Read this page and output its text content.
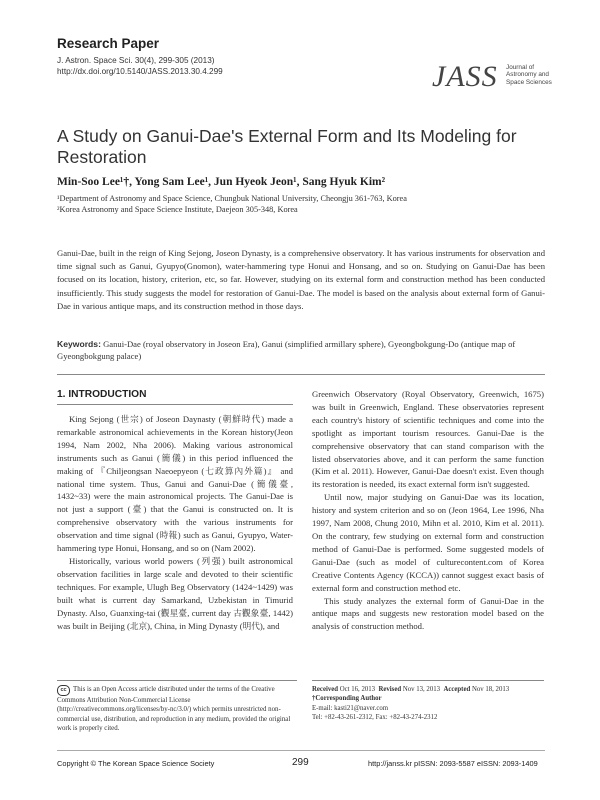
Research Paper
J. Astron. Space Sci. 30(4), 299-305 (2013)
http://dx.doi.org/10.5140/JASS.2013.30.4.299	JASS Journal of Astronomy and Space Sciences
A Study on Ganui-Dae's External Form and Its Modeling for Restoration
Min-Soo Lee¹†, Yong Sam Lee¹, Jun Hyeok Jeon¹, Sang Hyuk Kim²
¹Department of Astronomy and Space Science, Chungbuk National University, Cheongju 361-763, Korea
²Korea Astronomy and Space Science Institute, Daejeon 305-348, Korea
Ganui-Dae, built in the reign of King Sejong, Joseon Dynasty, is a comprehensive observatory. It has various instruments for observation and time signal such as Ganui, Gyupyo(Gnomon), water-hammering type Honui and Honsang, and so on. Studying on Ganui-Dae has been focused on its location, history, criterion, etc, so far. However, studying on its external form and construction method has been conducted insufficiently. This study suggests the model for restoration of Ganui-Dae. The model is based on the analysis about external form of Ganui-Dae in various antique maps, and its construction method in those days.
Keywords: Ganui-Dae (royal observatory in Joseon Era), Ganui (simplified armillary sphere), Gyeongbokgung-Do (antique map of Gyeongbokgung palace)
1. INTRODUCTION

King Sejong (世宗) of Joseon Daynasty (朝鮮時代) made a remarkable astronomical achievements in the Korean history(Jeon 1994, Nam 2002, Nha 2006). Making various astronomical instruments such as Ganui (簡儀) in this period influenced the making of 『Chiljeongsan Naeoepyeon (七政算內外篇)』 and national time system. Thus, Ganui and Ganui-Dae (簡儀臺, 1432~33) were the main astronomical projects. The Ganui-Dae is not just a support (臺) that the Ganui is constructed on. It is comprehensive observatory with the various instruments for observation and time signal (時報) such as Ganui, Gyupyo, Water-hammering type Honui, Honsang, and so on (Nam 2002).

Historically, various world powers (列强) built astronomical observation facilities in large scale and devoted to their scientific techniques. For example, Ulugh Beg Observatory (1424~1429) was built what is current day Samarkand, Uzbekistan in Timurid Dynasty. Also, Guanxing-tai (觀星臺, current day 古觀象臺, 1442) was built in Beijing (北京), China, in Ming Dynasty (明代), and

Greenwich Observatory (Royal Observatory, Greenwich, 1675) was built in Greenwich, England. These observatories represent each country's history of scientific techniques and come into the spotlight as important tourism resources. Ganui-Dae is the comprehensive observatory that can stand comparison with the listed observatories above, and it can perform the same function (Kim et al. 2011). However, Ganui-Dae doesn't exist. Even though its restoration is needed, its exact external form isn't suggested.

Until now, major studying on Ganui-Dae was its location, history and system criterion and so on (Jeon 1964, Lee 1996, Nha 1997, Nam 2008, Chung 2010, Mihn et al. 2010, Kim et al. 2011). On the contrary, few studying on external form and construction method of Ganui-Dae is performed. Some suggested models of Ganui-Dae (such as model of culturecontent.com of Korea Creative Contents Agency (KCCA)) cannot suggest exact basis of external form and construction method etc.

This study analyzes the external form of Ganui-Dae in the antique maps and suggests new restoration model based on the analysis of construction method.

cc This is an Open Access article distributed under the terms of the Creative Commons Attribution Non-Commercial License (http://creativecommons.org/licenses/by-nc/3.0/) which permits unrestricted non-commercial use, distribution, and reproduction in any medium, provided the original work is properly cited.
Received Oct 16, 2013 Revised Nov 13, 2013 Accepted Nov 18, 2013
†Corresponding Author
E-mail: kasti21@naver.com
Tel: +82-43-261-2312, Fax: +82-43-274-2312
Copyright © The Korean Space Science Society	299	http://janss.kr pISSN: 2093-5587 eISSN: 2093-1409
